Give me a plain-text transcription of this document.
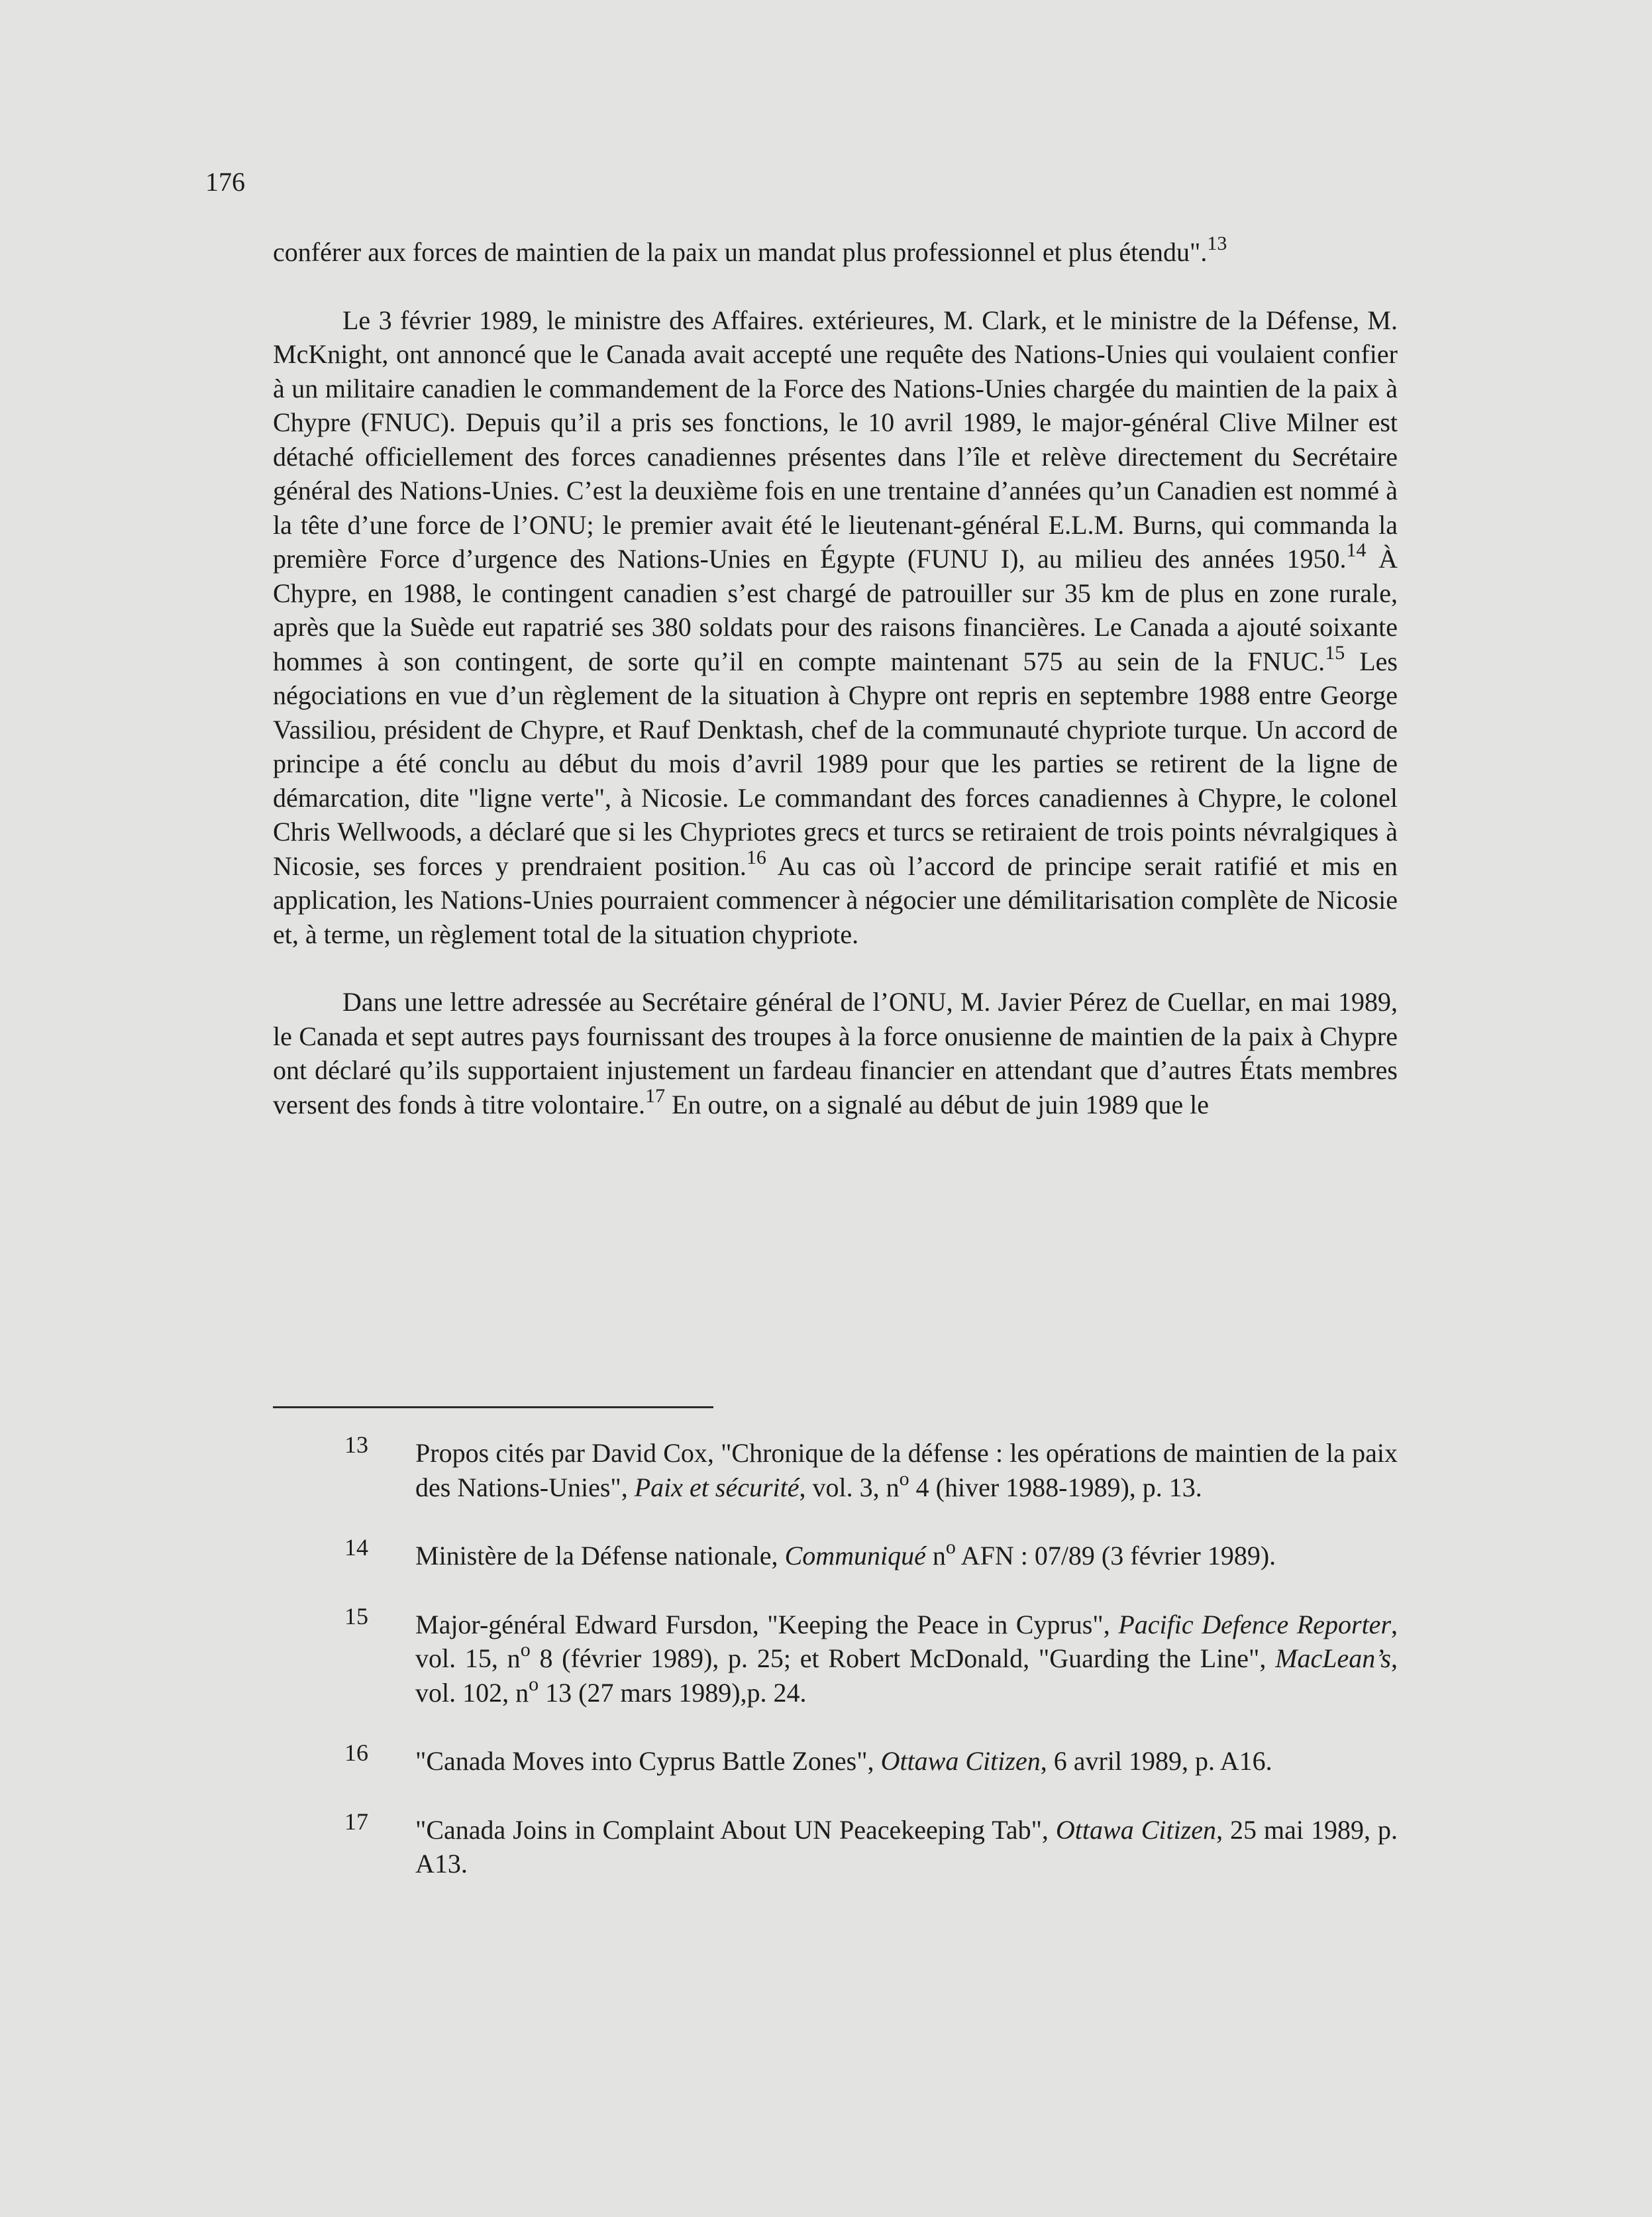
176

conférer aux forces de maintien de la paix un mandat plus professionnel et plus étendu".$^{13}$

Le 3 février 1989, le ministre des Affaires. extérieures, M. Clark, et le ministre de la Défense, M. McKnight, ont annoncé que le Canada avait accepté une requête des Nations-Unies qui voulaient confier à un militaire canadien le commandement de la Force des Nations-Unies chargée du maintien de la paix à Chypre (FNUC). Depuis qu’il a pris ses fonctions, le 10 avril 1989, le major-général Clive Milner est détaché officiellement des forces canadiennes présentes dans l’île et relève directement du Secrétaire général des Nations-Unies. C’est la deuxième fois en une trentaine d’années qu’un Canadien est nommé à la tête d’une force de l’ONU; le premier avait été le lieutenant-général E.L.M. Burns, qui commanda la première Force d’urgence des Nations-Unies en Égypte (FUNU I), au milieu des années 1950.14 À Chypre, en 1988, le contingent canadien s’est chargé de patrouiller sur 35 km de plus en zone rurale, après que la Suède eut rapatrié ses 380 soldats pour des raisons financières. Le Canada a ajouté soixante hommes à son contingent, de sorte qu’il en compte maintenant 575 au sein de la FNUC.$^{15}$ Les négociations en vue d’un règlement de la situation à Chypre ont repris en septembre 1988 entre George Vassiliou, président de Chypre, et Rauf Denktash, chef de la communauté chypriote turque. Un accord de principe a été conclu au début du mois d’avril 1989 pour que les parties se retirent de la ligne de démarcation, dite "ligne verte", à Nicosie. Le commandant des forces canadiennes à Chypre, le colonel Chris Wellwoods, a déclaré que si les Chypriotes grecs et turcs se retiraient de trois points névralgiques à Nicosie, ses forces y prendraient position.$^{16}$ Au cas où l’accord de principe serait ratifié et mis en application, les Nations-Unies pourraient commencer à négocier une démilitarisation complète de Nicosie et, à terme, un règlement total de la situation chypriote.

Dans une lettre adressée au Secrétaire général de l’ONU, M. Javier Pérez de Cuellar, en mai 1989, le Canada et sept autres pays fournissant des troupes à la force onusienne de maintien de la paix à Chypre ont déclaré qu’ils supportaient injustement un fardeau financier en attendant que d’autres États membres versent des fonds à titre volontaire.$^{17}$ En outre, on a signalé au début de juin 1989 que le

13	Propos cités par David Cox, "Chronique de la défense : les opérations de maintien de la paix des Nations-Unies", Paix et sécurité, vol. 3, $n^o$ 4 (hiver 1988-1989), p. 13.
14	Ministère de la Défense nationale, Communiqué $n^o$ AFN : 07/89 (3 février 1989).
15	Major-général Edward Fursdon, "Keeping the Peace in Cyprus", Pacific Defence Reporter, vol. 15, $n^o$ 8 (février 1989), p. 25; et Robert McDonald, "Guarding the Line", MacLean’s, vol. 102, $n^o$ 13 (27 mars 1989),p. 24.
16	"Canada Moves into Cyprus Battle Zones", Ottawa Citizen, 6 avril 1989, p. A16.
17	"Canada Joins in Complaint About UN Peacekeeping Tab", Ottawa Citizen, 25 mai 1989, p. A13.
